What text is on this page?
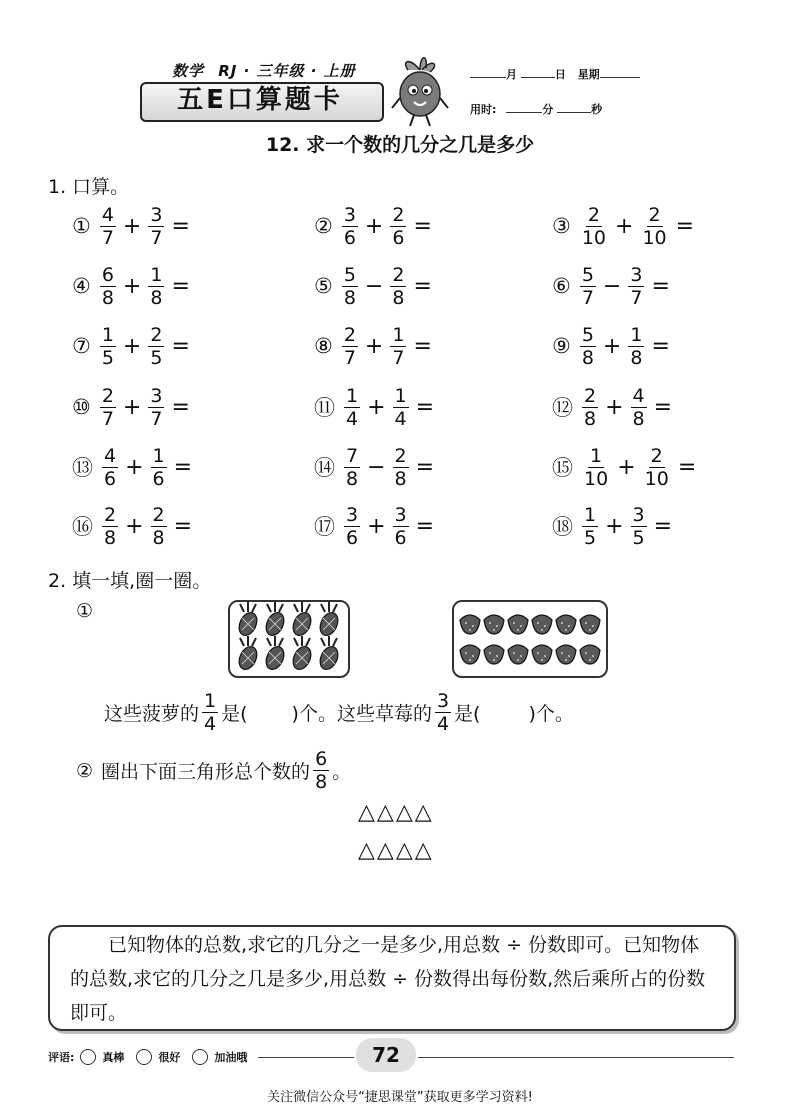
数学 RJ · 三年级 · 上册
五E口算题卡
月	日 星期
用时:	分	秒
12. 求一个数的几分之几是多少
1. 口算。
① $\frac{4}{7} + \frac{3}{7}$ =	② $\frac{3}{6} + \frac{2}{6}$ =	③ $\frac{2}{10} + \frac{2}{10}$ =
④ $\frac{6}{8} + \frac{1}{8}$ =	⑤ $\frac{5}{8} - \frac{2}{8}$ =	⑥ $\frac{5}{7} - \frac{3}{7}$ =
⑦ $\frac{1}{5} + \frac{2}{5}$ =	⑧ $\frac{2}{7} + \frac{1}{7}$ =	⑨ $\frac{5}{8} + \frac{1}{8}$ =
⑩ $\frac{2}{7} + \frac{3}{7}$ =	⑪ $\frac{1}{4} + \frac{1}{4}$ =	⑫ $\frac{2}{8} + \frac{4}{8}$ =
⑬ $\frac{4}{6} + \frac{1}{6}$ =	⑭ $\frac{7}{8} - \frac{2}{8}$ =	⑮ $\frac{1}{10} + \frac{2}{10}$ =
⑯ $\frac{2}{8} + \frac{2}{8}$ =	⑰ $\frac{3}{6} + \frac{3}{6}$ =	⑱ $\frac{1}{5} + \frac{3}{5}$ =
2. 填一填,圈一圈。
①
这些菠萝的 $\frac{1}{4}$ 是( )个。这些草莓的 $\frac{3}{4}$ 是(	)个。
② 圈出下面三角形总个数的 $\frac{6}{8}$ 。
△△△△
△△△△
已知物体的总数,求它的几分之一是多少,用总数 ÷ 份数即可。已知物体的总数,求它的几分之几是多少,用总数 ÷ 份数得出每份数,然后乘所占的份数即可。
评语:	真棒	很好	加油哦	72
关注微信公众号“捷思课堂”获取更多学习资料!
